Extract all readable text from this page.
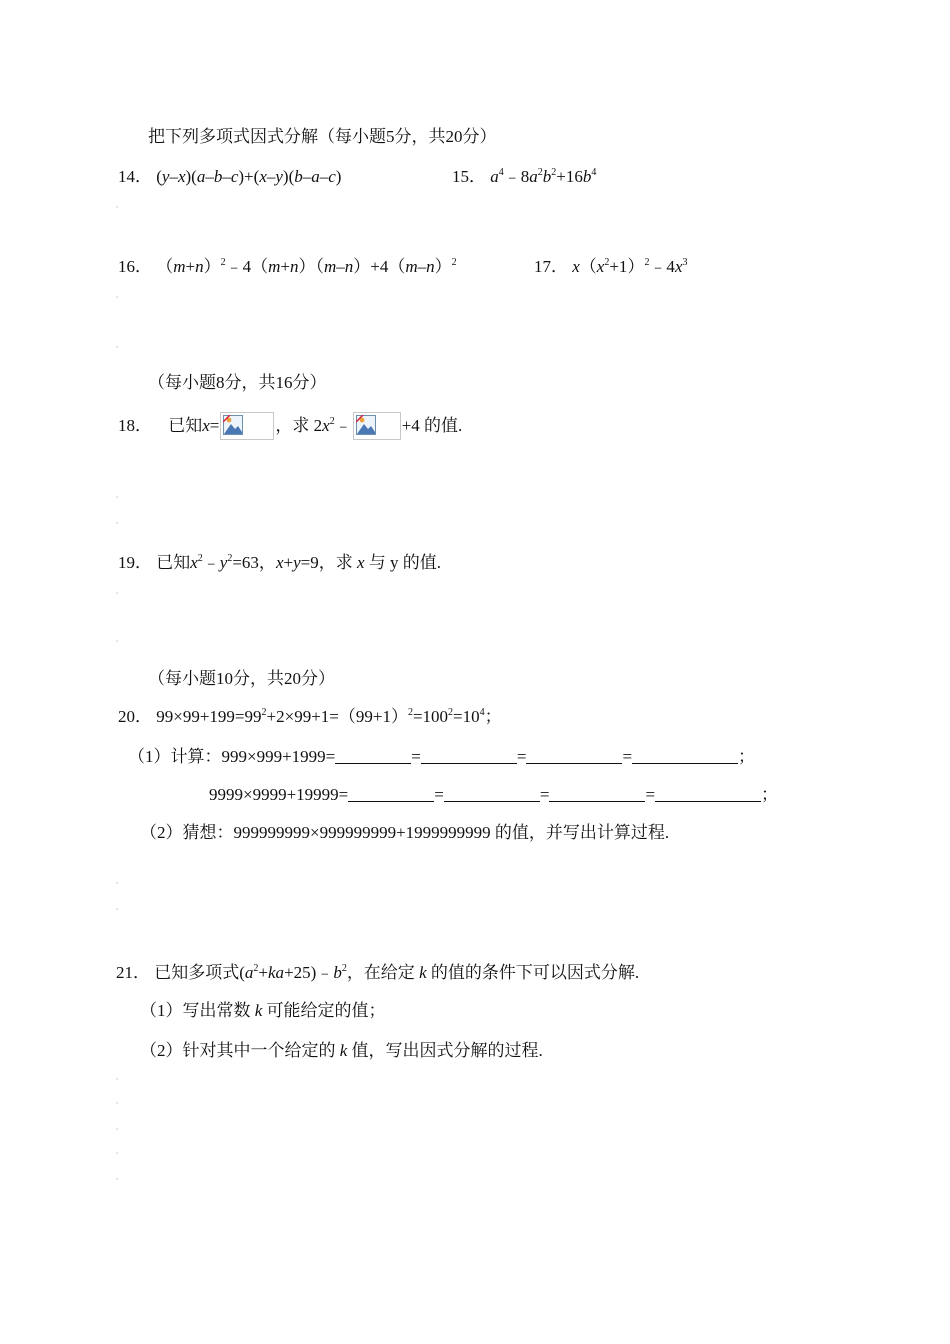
把下列多项式因式分解（每小题5分，共20分）
14． (y–x)(a–b–c)+(x–y)(b–a–c)	15． $a^4﹣8a^2b^2+16b^4$
16． $(m+n)^2﹣4(m+n)(m-n)+4(m-n)^2$	17． $x(x^2+1)^2﹣4x^3$
（每小题8分，共16分）
18． 已知x=	，求 $2x^2﹣$	+4 的值.
19． 已知$x^2﹣y^2=63$，x+y=9，求 x 与 y 的值.
（每小题10分，共20分）
20． $99\times 99+199=99^2+2\times 99+1=(99+1)^2=100^2=10^4$；
（1）计算：999×999+1999=	=	=	=	；
9999×9999+19999=	=	=	=	；
（2）猜想：999999999×999999999+1999999999 的值，并写出计算过程.
21． 已知多项式$(a^2+ka+25)﹣b^2$，在给定 k 的值的条件下可以因式分解.
（1）写出常数 k 可能给定的值；
（2）针对其中一个给定的 k 值，写出因式分解的过程.
